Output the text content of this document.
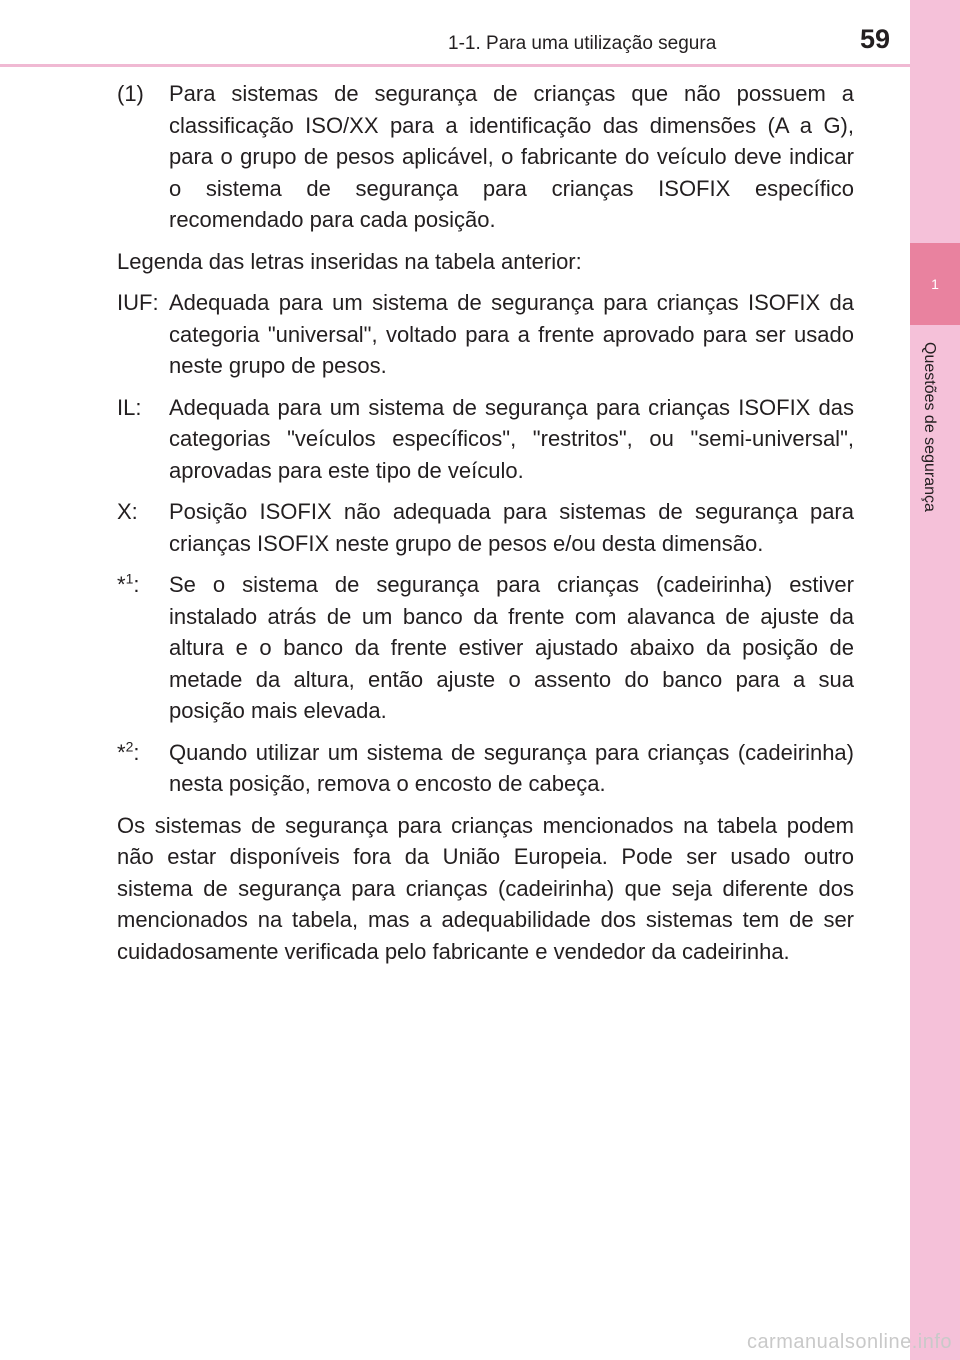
1-1. Para uma utilização segura	59
1
Questões de segurança
(1)	Para sistemas de segurança de crianças que não possuem a classificação ISO/XX para a identificação das dimensões (A a G), para o grupo de pesos aplicável, o fabricante do veículo deve indicar o sistema de segurança para crianças ISOFIX específico recomendado para cada posição.

Legenda das letras inseridas na tabela anterior:

IUF: Adequada para um sistema de segurança para crianças ISOFIX da categoria "universal", voltado para a frente aprovado para ser usado neste grupo de pesos.
IL:	Adequada para um sistema de segurança para crianças ISOFIX das categorias "veículos específicos", "restritos", ou "semi-universal", aprovadas para este tipo de veículo.
X:	Posição ISOFIX não adequada para sistemas de segurança para crianças ISOFIX neste grupo de pesos e/ou desta dimensão.
*$^1$:	Se o sistema de segurança para crianças (cadeirinha) estiver instalado atrás de um banco da frente com alavanca de ajuste da altura e o banco da frente estiver ajustado abaixo da posição de metade da altura, então ajuste o assento do banco para a sua posição mais elevada.
*$^2$:	Quando utilizar um sistema de segurança para crianças (cadeirinha) nesta posição, remova o encosto de cabeça.

Os sistemas de segurança para crianças mencionados na tabela podem não estar disponíveis fora da União Europeia. Pode ser usado outro sistema de segurança para crianças (cadeirinha) que seja diferente dos mencionados na tabela, mas a adequabilidade dos sistemas tem de ser cuidadosamente verificada pelo fabricante e vendedor da cadeirinha.

carmanualsonline.info
